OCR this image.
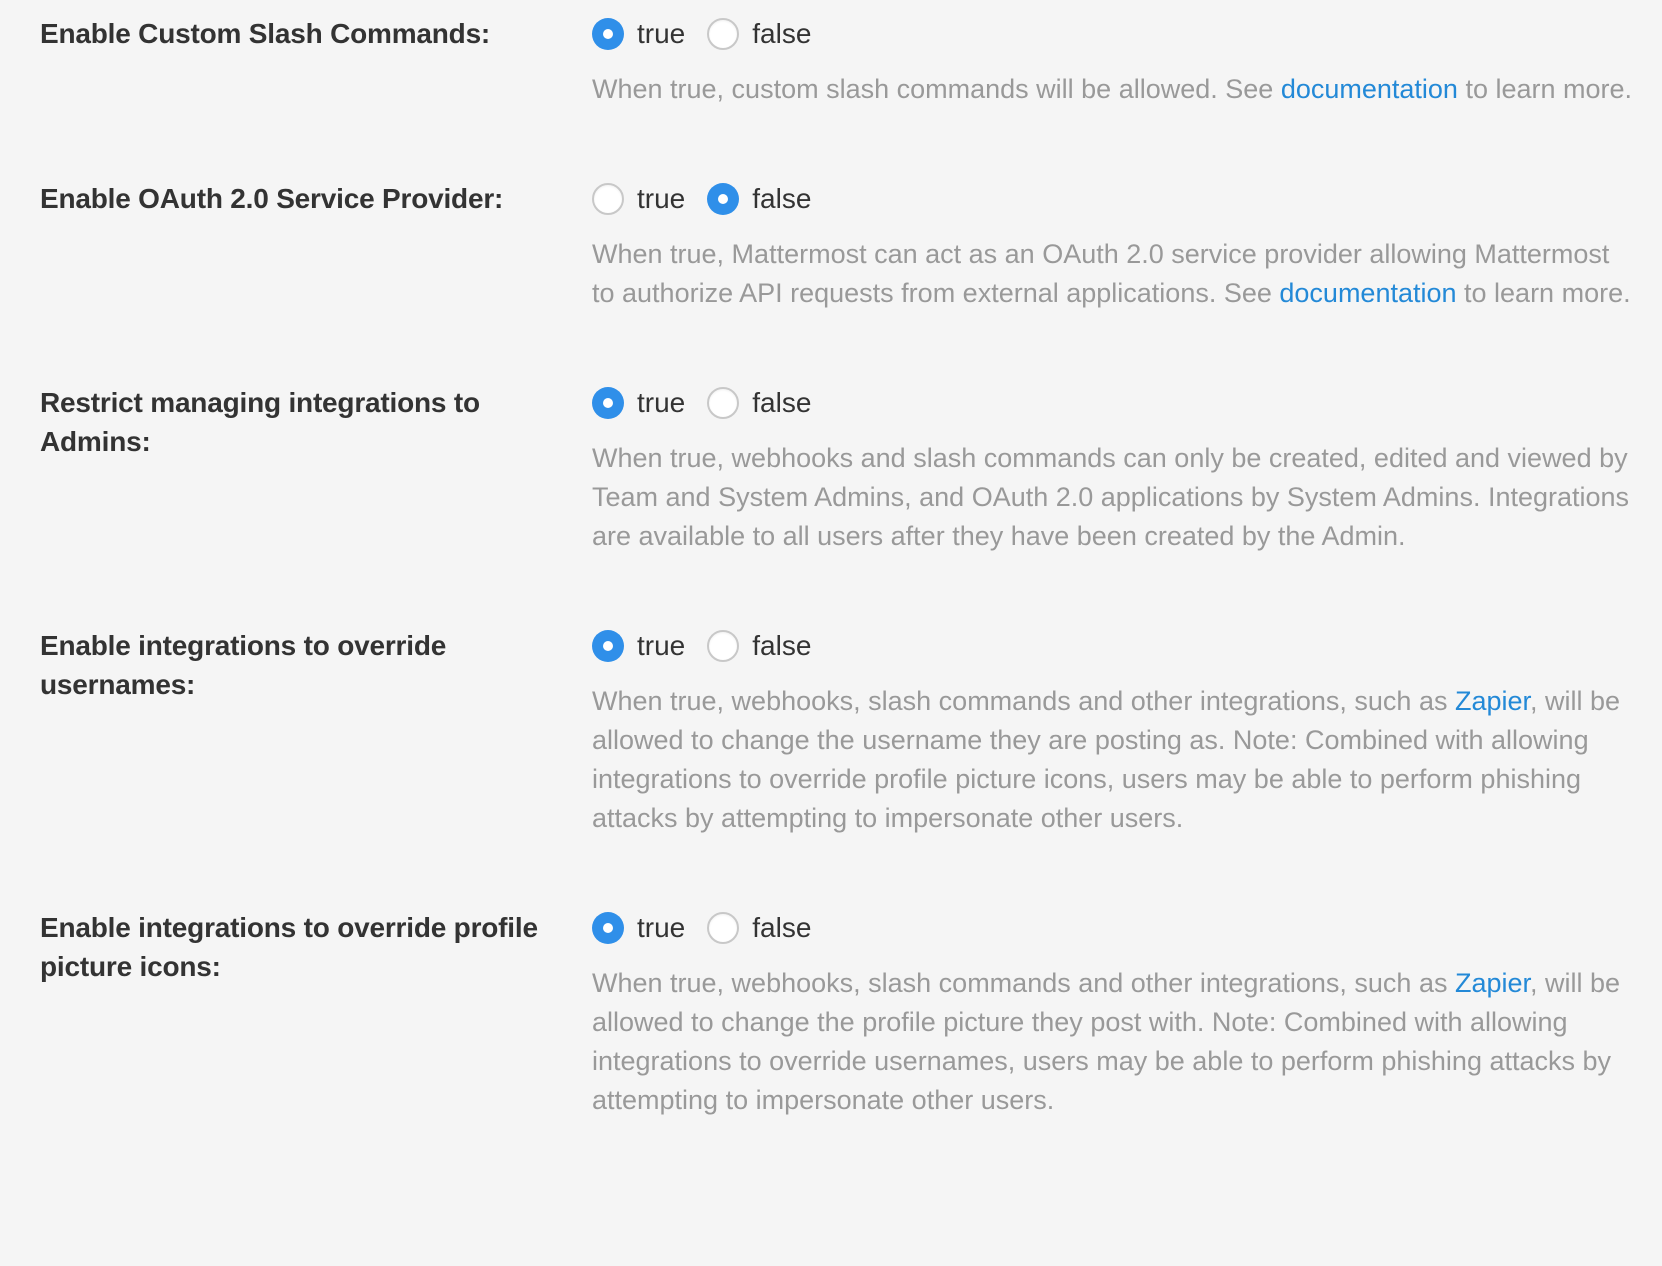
Enable Custom Slash Commands:	true false
When true, custom slash commands will be allowed. See documentation to learn more.
Enable OAuth 2.0 Service Provider:	true false
When true, Mattermost can act as an OAuth 2.0 service provider allowing Mattermost to authorize API requests from external applications. See documentation to learn more.
Restrict managing integrations to Admins:
true false
When true, webhooks and slash commands can only be created, edited and viewed by Team and System Admins, and OAuth 2.0 applications by System Admins. Integrations are available to all users after they have been created by the Admin.
Enable integrations to override usernames:
true false
When true, webhooks, slash commands and other integrations, such as Zapier, will be allowed to change the username they are posting as. Note: Combined with allowing integrations to override profile picture icons, users may be able to perform phishing attacks by attempting to impersonate other users.
Enable integrations to override profile picture icons:
true false
When true, webhooks, slash commands and other integrations, such as Zapier, will be allowed to change the profile picture they post with. Note: Combined with allowing integrations to override usernames, users may be able to perform phishing attacks by attempting to impersonate other users.
